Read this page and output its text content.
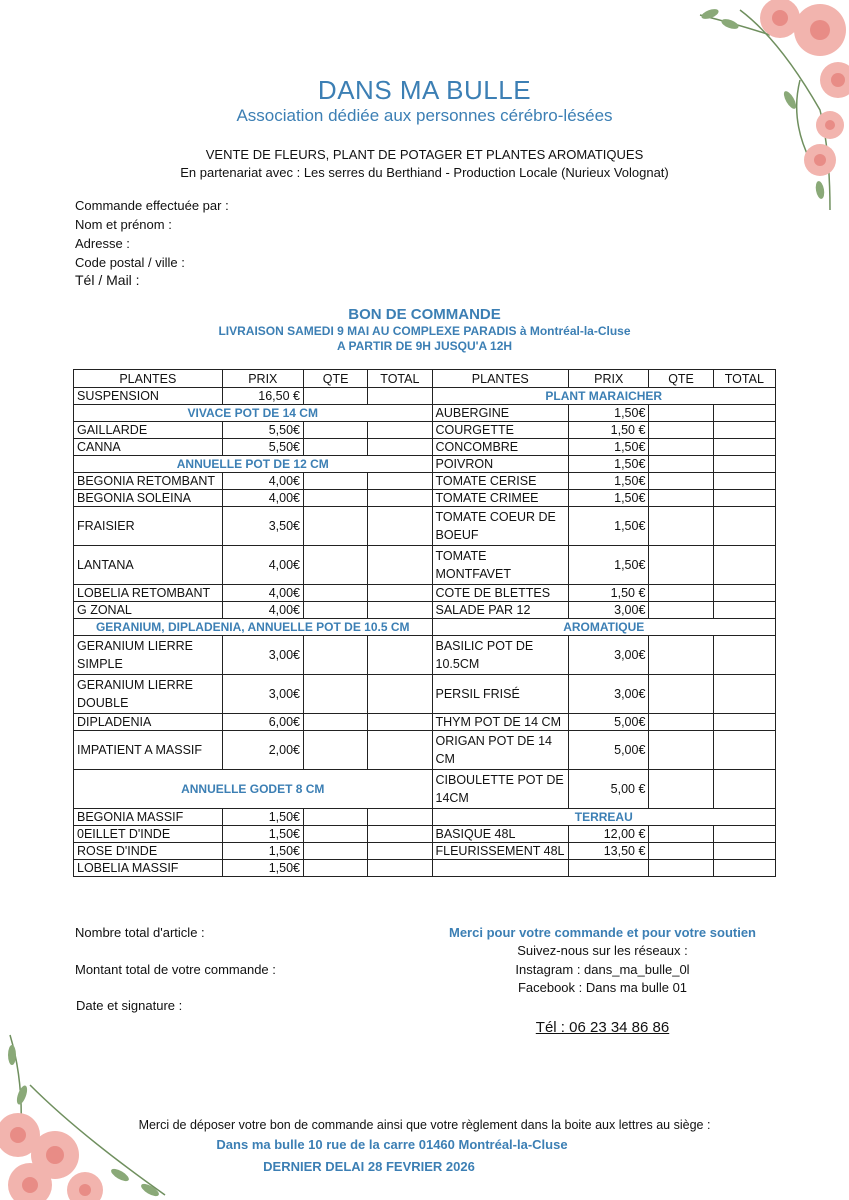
DANS MA BULLE
Association dédiée aux personnes cérébro-lésées
VENTE DE FLEURS, PLANT DE POTAGER ET PLANTES AROMATIQUES
En partenariat avec : Les serres du Berthiand - Production Locale (Nurieux Volognat)
Commande effectuée par :
Nom et prénom :
Adresse :
Code postal / ville :
Tél / Mail :
BON DE COMMANDE
LIVRAISON SAMEDI 9 MAI AU COMPLEXE PARADIS à Montréal-la-Cluse
A PARTIR DE 9H JUSQU'A 12H
PLANTES	PRIX	QTE	TOTAL	PLANTES	PRIX	QTE	TOTAL
SUSPENSION	16,50 €			PLANT MARAICHER			
VIVACE POT DE 14 CM				AUBERGINE	1,50€		
GAILLARDE	5,50€			COURGETTE	1,50 €		
CANNA	5,50€			CONCOMBRE	1,50€		
ANNUELLE POT DE 12 CM				POIVRON	1,50€		
BEGONIA RETOMBANT	4,00€			TOMATE CERISE	1,50€		
BEGONIA SOLEINA	4,00€			TOMATE CRIMEE	1,50€		
FRAISIER	3,50€			TOMATE COEUR DE BOEUF	1,50€		
LANTANA	4,00€			TOMATE MONTFAVET	1,50€		
LOBELIA RETOMBANT	4,00€			COTE DE BLETTES	1,50 €		
G ZONAL	4,00€			SALADE PAR 12	3,00€		
GERANIUM, DIPLADENIA, ANNUELLE POT DE 10.5 CM				AROMATIQUE			
GERANIUM LIERRE SIMPLE	3,00€			BASILIC POT DE 10.5CM	3,00€		
GERANIUM LIERRE DOUBLE	3,00€			PERSIL FRISÉ	3,00€		
DIPLADENIA	6,00€			THYM POT DE 14 CM	5,00€		
IMPATIENT A MASSIF	2,00€			ORIGAN POT DE 14 CM	5,00€		
ANNUELLE GODET 8 CM				CIBOULETTE POT DE 14CM	5,00 €		
BEGONIA MASSIF	1,50€			TERREAU			
0EILLET D'INDE	1,50€			BASIQUE 48L	12,00 €		
ROSE D'INDE	1,50€			FLEURISSEMENT 48L	13,50 €		
LOBELIA MASSIF	1,50€						
Nombre total d'article :
Montant total de votre commande :
Date et signature :
Merci pour votre commande et pour votre soutien
Suivez-nous sur les réseaux :
Instagram : dans_ma_bulle_0l
Facebook : Dans ma bulle 01
Tél : 06 23 34 86 86
Merci de déposer votre bon de commande ainsi que votre règlement dans la boite aux lettres au siège :
Dans ma bulle 10 rue de la carre 01460 Montréal-la-Cluse
DERNIER DELAI 28 FEVRIER 2026
